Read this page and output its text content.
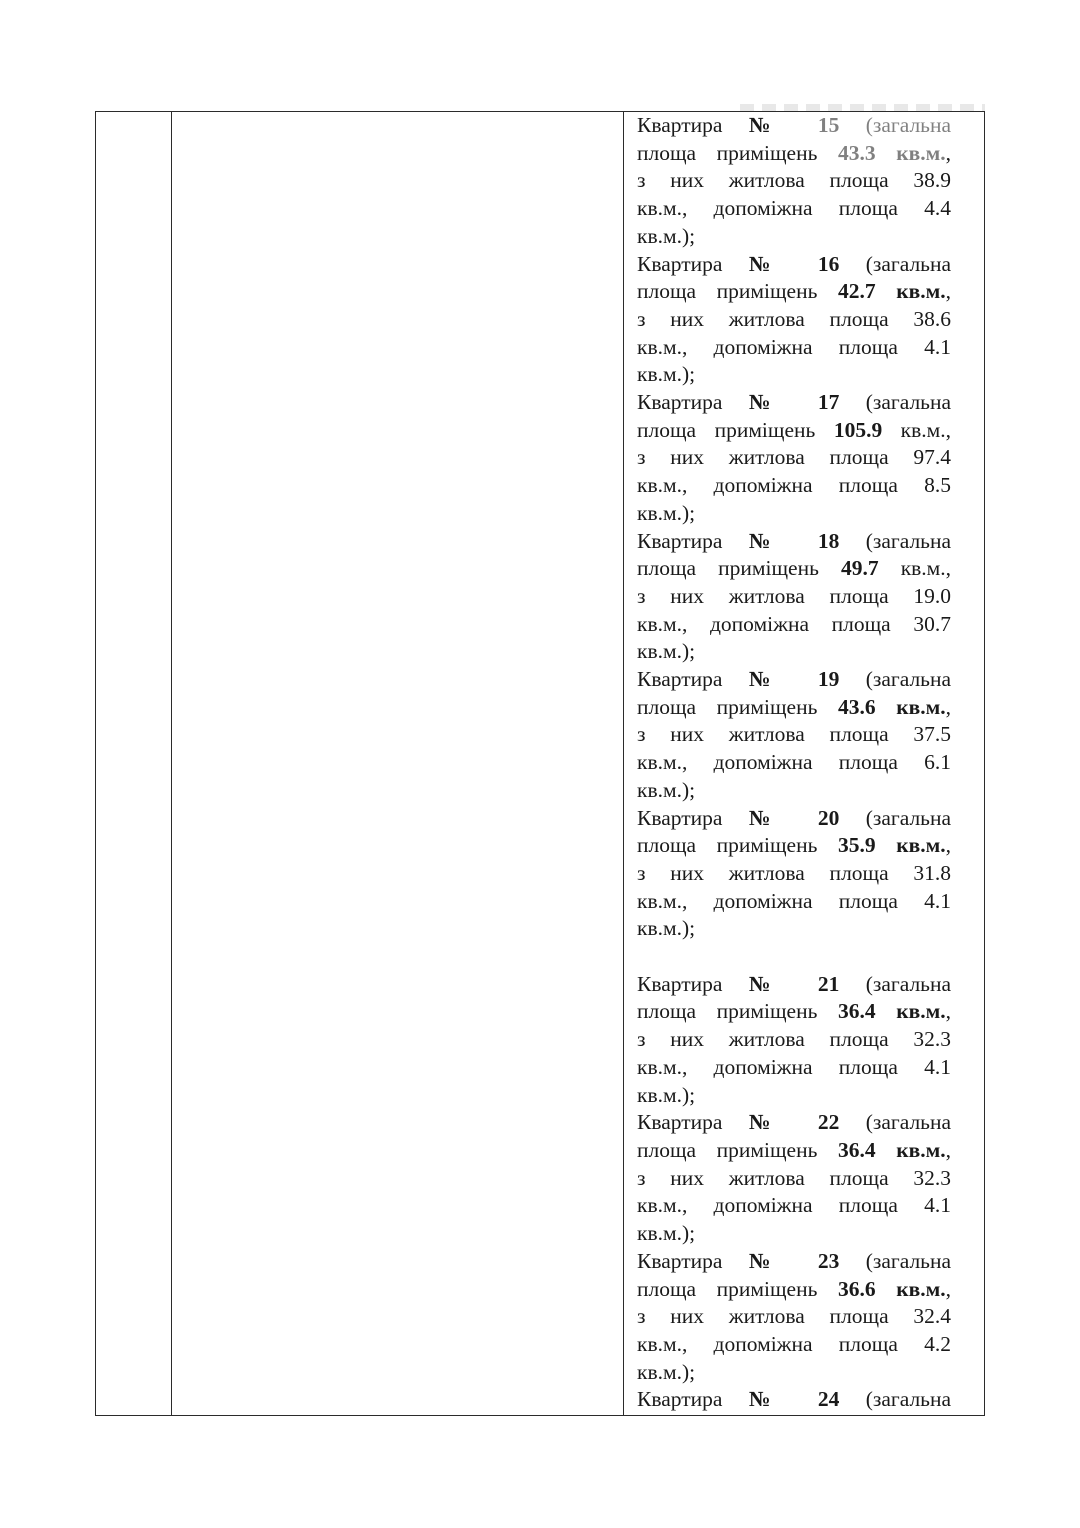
Квартира № 15 (загальна
площа приміщень 43.3 кв.м.,
з них житлова площа 38.9
кв.м., допоміжна площа 4.4
кв.м.);
Квартира № 16 (загальна
площа приміщень 42.7 кв.м.,
з них житлова площа 38.6
кв.м., допоміжна площа 4.1
кв.м.);
Квартира № 17 (загальна
площа приміщень 105.9 кв.м.,
з них житлова площа 97.4
кв.м., допоміжна площа 8.5
кв.м.);
Квартира № 18 (загальна
площа приміщень 49.7 кв.м.,
з них житлова площа 19.0
кв.м., допоміжна площа 30.7
кв.м.);
Квартира № 19 (загальна
площа приміщень 43.6 кв.м.,
з них житлова площа 37.5
кв.м., допоміжна площа 6.1
кв.м.);
Квартира № 20 (загальна
площа приміщень 35.9 кв.м.,
з них житлова площа 31.8
кв.м., допоміжна площа 4.1
кв.м.);
Квартира № 21 (загальна
площа приміщень 36.4 кв.м.,
з них житлова площа 32.3
кв.м., допоміжна площа 4.1
кв.м.);
Квартира № 22 (загальна
площа приміщень 36.4 кв.м.,
з них житлова площа 32.3
кв.м., допоміжна площа 4.1
кв.м.);
Квартира № 23 (загальна
площа приміщень 36.6 кв.м.,
з них житлова площа 32.4
кв.м., допоміжна площа 4.2
кв.м.);
Квартира № 24 (загальна
